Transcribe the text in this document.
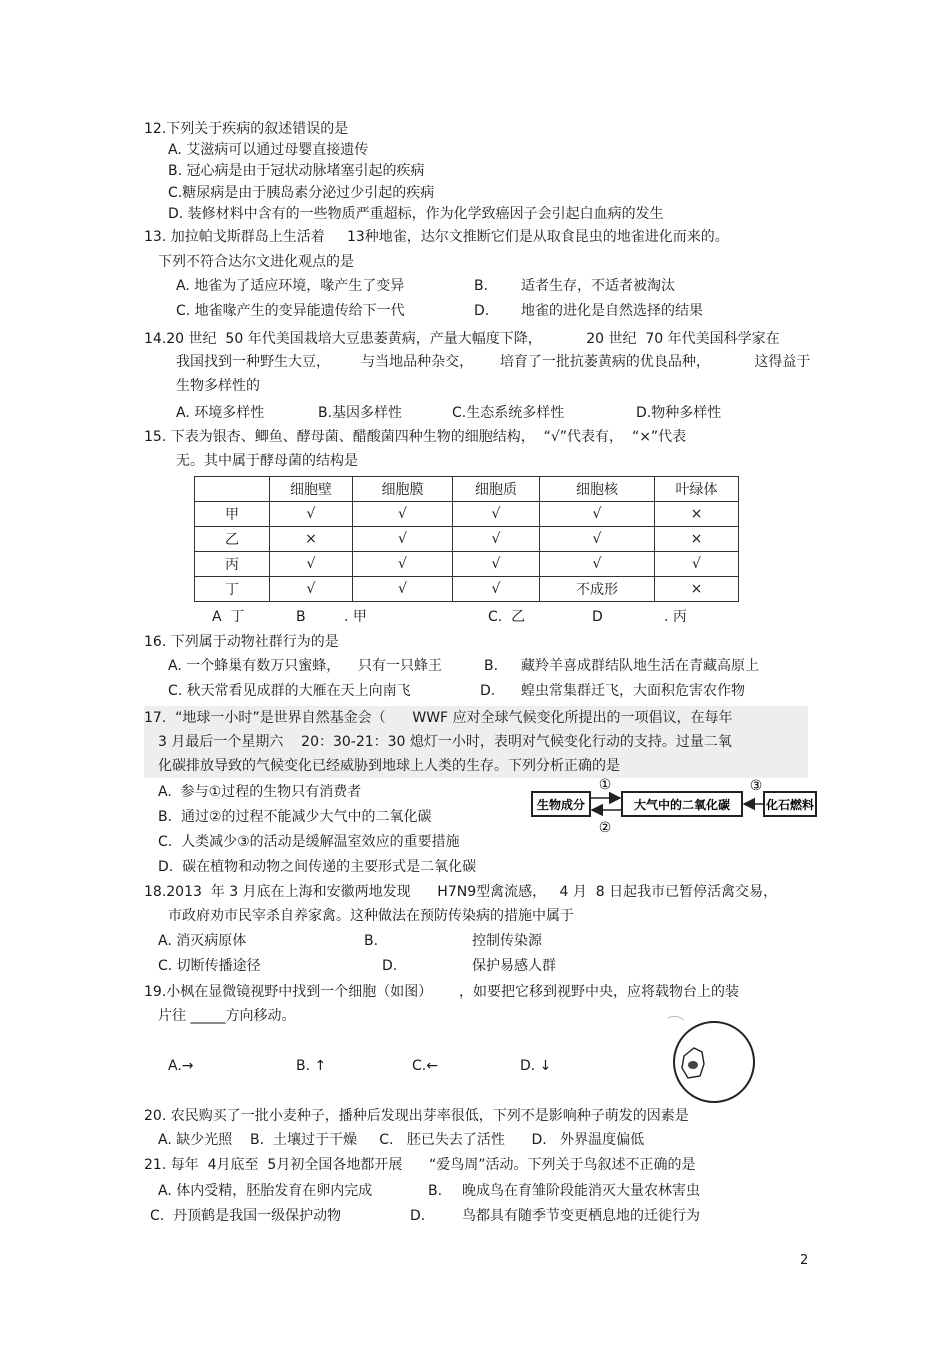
12.下列关于疾病的叙述错误的是
A. 艾滋病可以通过母婴直接遗传
B. 冠心病是由于冠状动脉堵塞引起的疾病
C.糖尿病是由于胰岛素分泌过少引起的疾病
D. 装修材料中含有的一些物质严重超标，作为化学致癌因子会引起白血病的发生
13. 加拉帕戈斯群岛上生活着     13种地雀，达尔文推断它们是从取食昆虫的地雀进化而来的。
下列不符合达尔文进化观点的是
A. 地雀为了适应环境，喙产生了变异	B. 适者生存，不适者被淘汰
C. 地雀喙产生的变异能遗传给下一代	D. 地雀的进化是自然选择的结果
14.20 世纪  50 年代美国栽培大豆患萎黄病，产量大幅度下降，          20 世纪  70 年代美国科学家在
我国找到一种野生大豆，       与当地品种杂交，      培育了一批抗萎黄病的优良品种，          这得益于
生物多样性的
A. 环境多样性	B.基因多样性	C.生态系统多样性	D.物种多样性
15. 下表为银杏、鲫鱼、酵母菌、醋酸菌四种生物的细胞结构，  “√”代表有，  “×”代表
无。其中属于酵母菌的结构是
	细胞壁	细胞膜	细胞质	细胞核	叶绿体
甲	√	√	√	√	×
乙	×	√	√	√	×
丙	√	√	√	√	√
丁	√	√	√	不成形	×
A  丁	B	. 甲	C.  乙	D	. 丙
16. 下列属于动物社群行为的是
A. 一个蜂巢有数万只蜜蜂，    只有一只蜂王	B. 藏羚羊喜成群结队地生活在青藏高原上
C. 秋天常看见成群的大雁在天上向南飞	D. 蝗虫常集群迁飞，大面积危害农作物
17.  “地球一小时”是世界自然基金会（      WWF 应对全球气候变化所提出的一项倡议，在每年
3 月最后一个星期六    20：30-21：30 熄灯一小时，表明对气候变化行动的支持。过量二氧
化碳排放导致的气候变化已经威胁到地球上人类的生存。下列分析正确的是
A.  参与①过程的生物只有消费者
B.  通过②的过程不能减少大气中的二氧化碳
C.  人类减少③的活动是缓解温室效应的重要措施
D.  碳在植物和动物之间传递的主要形式是二氧化碳
生物成分	大气中的二氧化碳	化石燃料
①
②
③
18.2013  年 3 月底在上海和安徽两地发现      H7N9型禽流感，   4 月  8 日起我市已暂停活禽交易，
市政府劝市民宰杀自养家禽。这种做法在预防传染病的措施中属于
A. 消灭病原体	B.	控制传染源
C. 切断传播途径	D.	保护易感人群
19.小枫在显微镜视野中找到一个细胞（如图）      ，如要把它移到视野中央，应将载物台上的装
片往 _____方向移动。
A.→	B. ↑	C.←	D. ↓
20. 农民购买了一批小麦种子，播种后发现出芽率很低，下列不是影响种子萌发的因素是
A. 缺少光照    B.  土壤过于干燥     C.   胚已失去了活性      D.   外界温度偏低
21. 每年  4月底至  5月初全国各地都开展      “爱鸟周”活动。下列关于鸟叙述不正确的是
A. 体内受精，胚胎发育在卵内完成	B. 晚成鸟在育雏阶段能消灭大量农林害虫
C.  丹顶鹤是我国一级保护动物	D.	鸟都具有随季节变更栖息地的迁徙行为
2
